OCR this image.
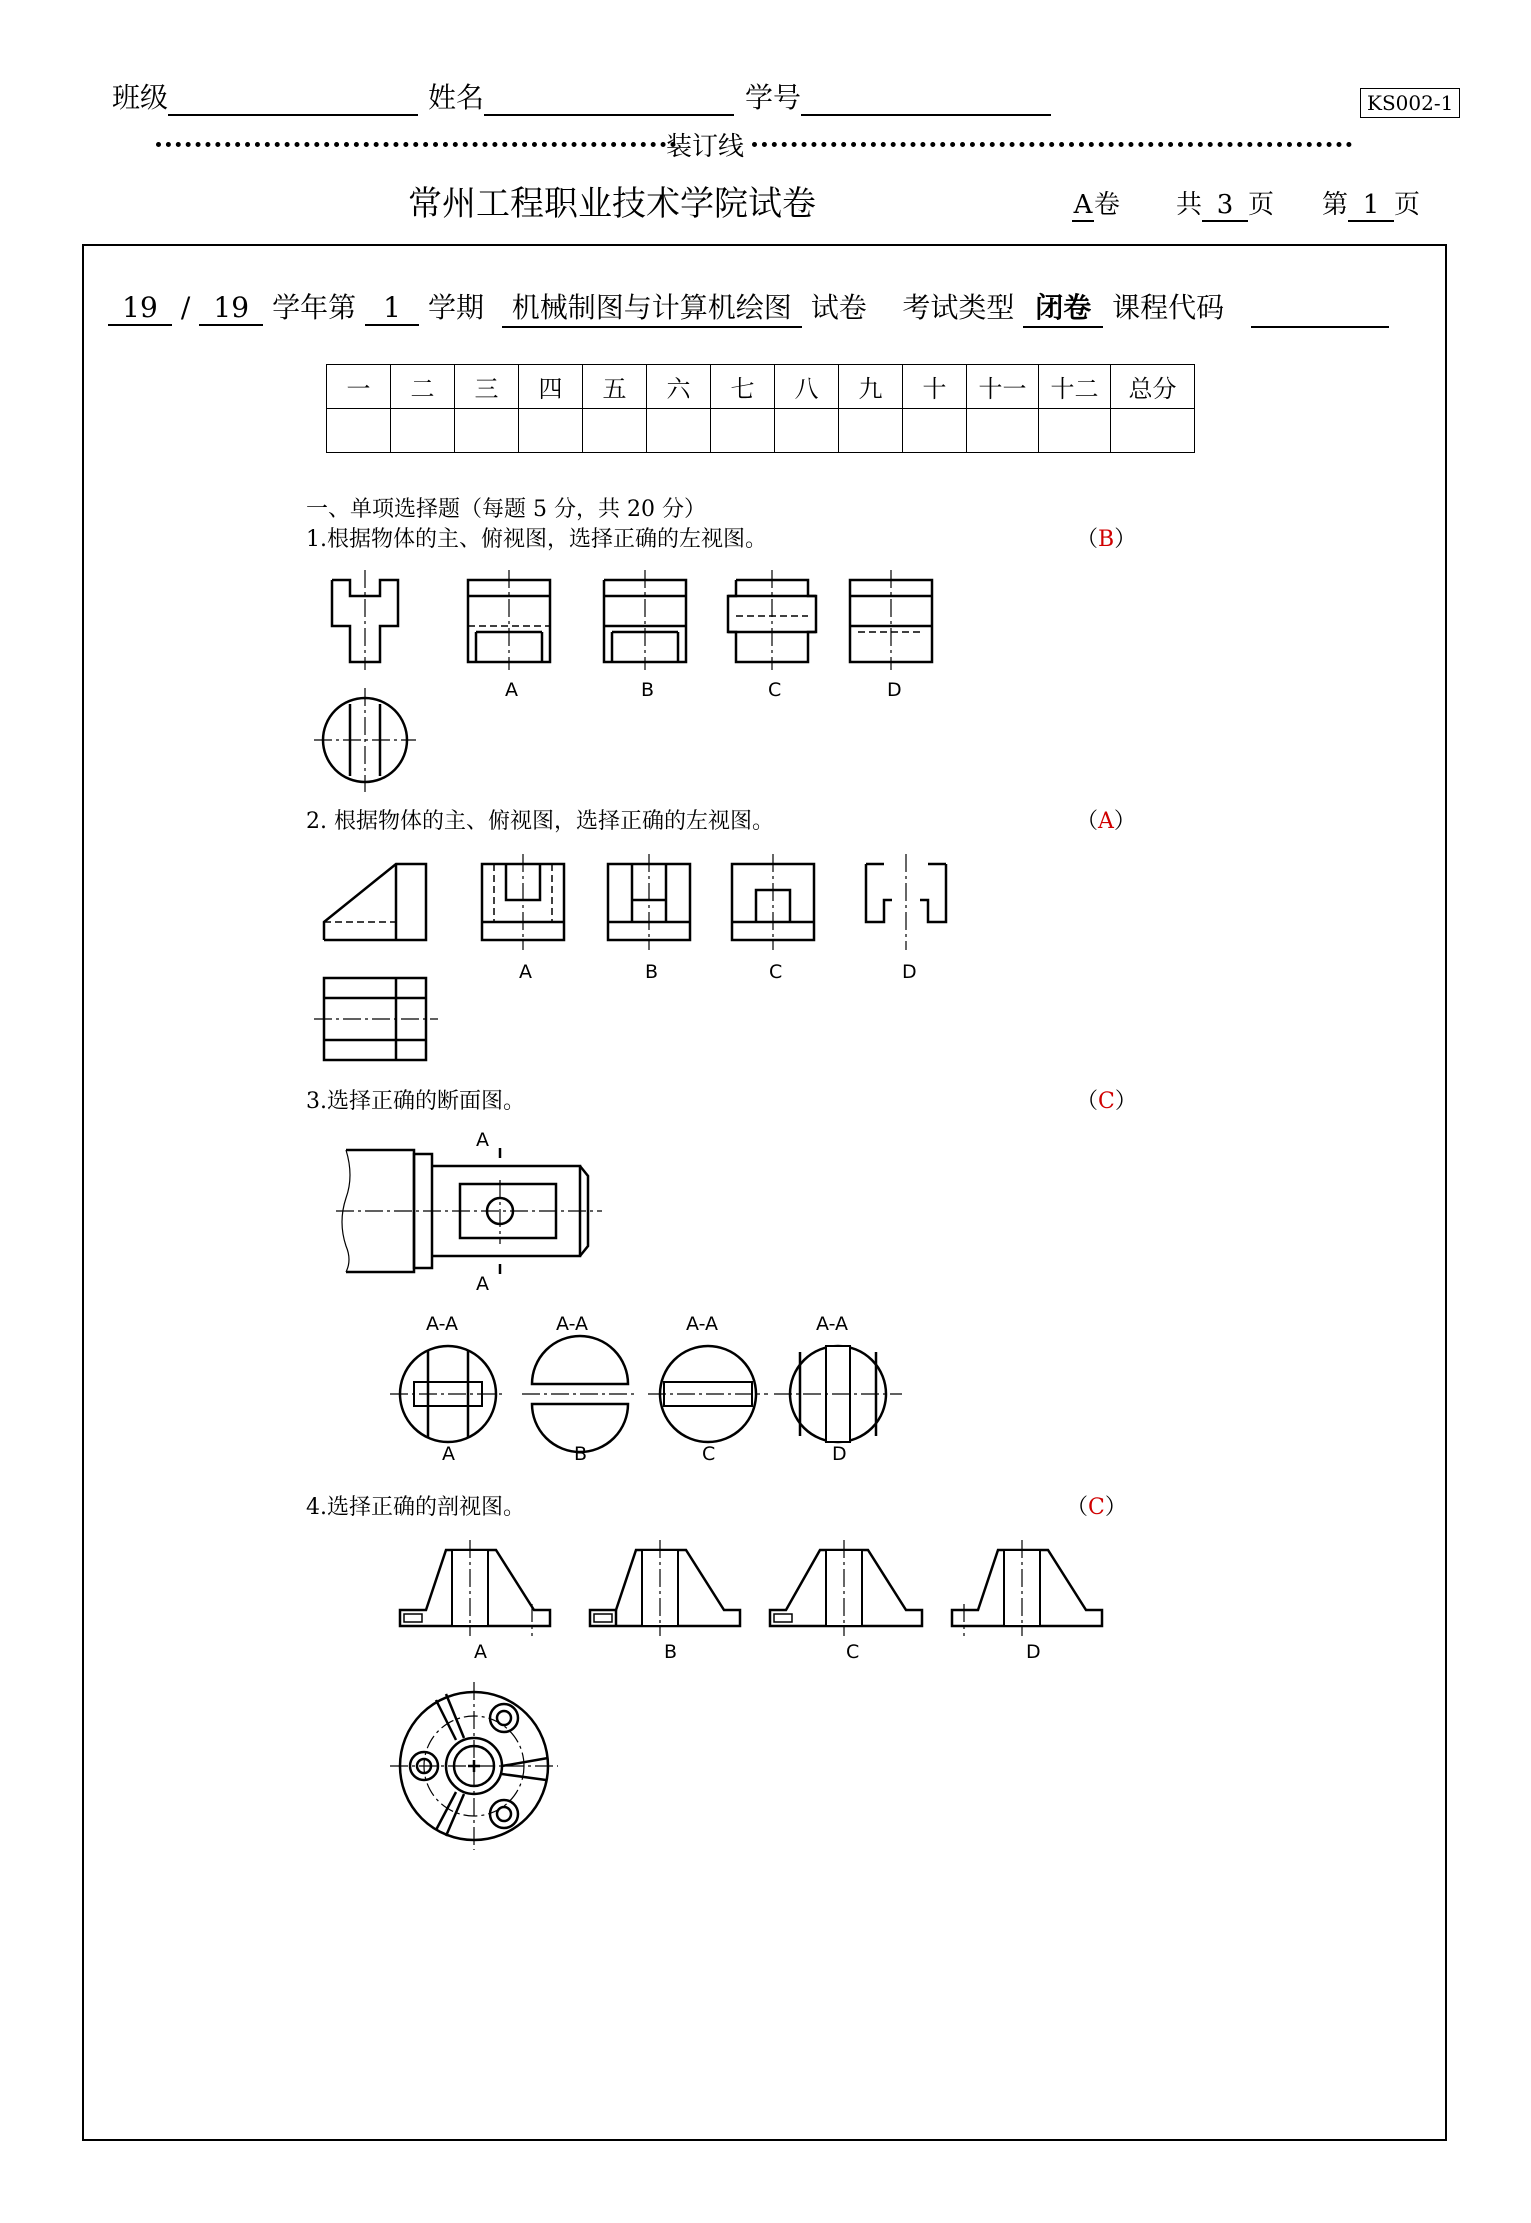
班级	姓名	学号	KS002-1
装订线
常州工程职业技术学院试卷	A卷 共 3 页 第 1 页
19 / 19 学年第 1 学期 机械制图与计算机绘图 试卷 考试类型 闭卷 课程代码
一	二	三	四	五	六	七	八	九	十	十一	十二	总分

一、单项选择题（每题 5 分，共 20 分）
1.根据物体的主、俯视图，选择正确的左视图。	（B）
A	B	C	D
2. 根据物体的主、俯视图，选择正确的左视图。	（A）
A	B	C	D
3.选择正确的断面图。	（C）
A
A
A-A	A-A	A-A	A-A
A	B	C	D
4.选择正确的剖视图。	（C）
A	B	C	D
